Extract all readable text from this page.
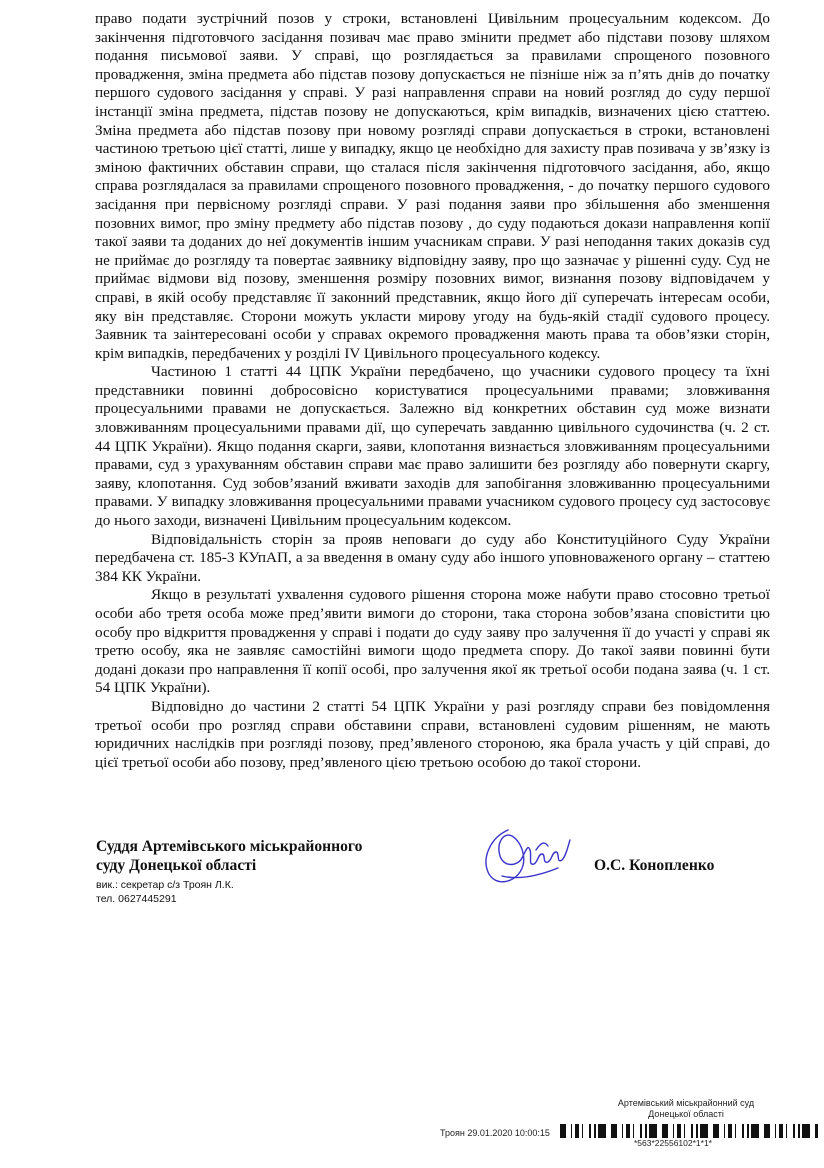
право подати зустрічний позов у строки, встановлені Цивільним процесуальним кодексом. До закінчення підготовчого засідання позивач має право змінити предмет або підстави позову шляхом подання письмової заяви. У справі, що розглядається за правилами спрощеного позовного провадження, зміна предмета або підстав позову допускається не пізніше ніж за п’ять днів до початку першого судового засідання у справі. У разі направлення справи на новий розгляд до суду першої інстанції зміна предмета, підстав позову не допускаються, крім випадків, визначених цією статтею. Зміна предмета або підстав позову при новому розгляді справи допускається в строки, встановлені частиною третьою цієї статті, лише у випадку, якщо це необхідно для захисту прав позивача у зв’язку із зміною фактичних обставин справи, що сталася після закінчення підготовчого засідання, або, якщо справа розглядалася за правилами спрощеного позовного провадження, - до початку першого судового засідання при первісному розгляді справи. У разі подання заяви про збільшення або зменшення позовних вимог, про зміну предмету або підстав позову , до суду подаються докази направлення копії такої заяви та доданих до неї документів іншим учасникам справи. У разі неподання таких доказів суд не приймає до розгляду та повертає заявнику відповідну заяву, про що зазначає у рішенні суду. Суд не приймає відмови від позову, зменшення розміру позовних вимог, визнання позову відповідачем у справі, в якій особу представляє її законний представник, якщо його дії суперечать інтересам особи, яку він представляє. Сторони можуть укласти мирову угоду на будь-якій стадії судового процесу. Заявник та заінтересовані особи у справах окремого провадження мають права та обов’язки сторін, крім випадків, передбачених у розділі IV Цивільного процесуального кодексу.

Частиною 1 статті 44 ЦПК України передбачено, що учасники судового процесу та їхні представники повинні добросовісно користуватися процесуальними правами; зловживання процесуальними правами не допускається. Залежно від конкретних обставин суд може визнати зловживанням процесуальними правами дії, що суперечать завданню цивільного судочинства (ч. 2 ст. 44 ЦПК України). Якщо подання скарги, заяви, клопотання визнається зловживанням процесуальними правами, суд з урахуванням обставин справи має право залишити без розгляду або повернути скаргу, заяву, клопотання. Суд зобов’язаний вживати заходів для запобігання зловживанню процесуальними правами. У випадку зловживання процесуальними правами учасником судового процесу суд застосовує до нього заходи, визначені Цивільним процесуальним кодексом.

Відповідальність сторін за прояв неповаги до суду або Конституційного Суду України передбачена ст. 185-3 КУпАП, а за введення в оману суду або іншого уповноваженого органу – статтею 384 КК України.

Якщо в результаті ухвалення судового рішення сторона може набути право стосовно третьої особи або третя особа може пред’явити вимоги до сторони, така сторона зобов’язана сповістити цю особу про відкриття провадження у справі і подати до суду заяву про залучення її до участі у справі як третю особу, яка не заявляє самостійні вимоги щодо предмета спору. До такої заяви повинні бути додані докази про направлення її копії особі, про залучення якої як третьої особи подана заява (ч. 1 ст. 54 ЦПК України).

Відповідно до частини 2 статті 54 ЦПК України у разі розгляду справи без повідомлення третьої особи про розгляд справи обставини справи, встановлені судовим рішенням, не мають юридичних наслідків при розгляді позову, пред’явленого стороною, яка брала участь у цій справі, до цієї третьої особи або позову, пред’явленого цією третьою особою до такої сторони.

Суддя Артемівського міськрайонного
суду Донецької області
вик.: секретар с/з Троян Л.К.
тел. 0627445291
О.С. Конопленко
Артемівський міськрайонний суд
Донецької області
Троян 29.01.2020 10:00:15
*563*22556102*1*1*
